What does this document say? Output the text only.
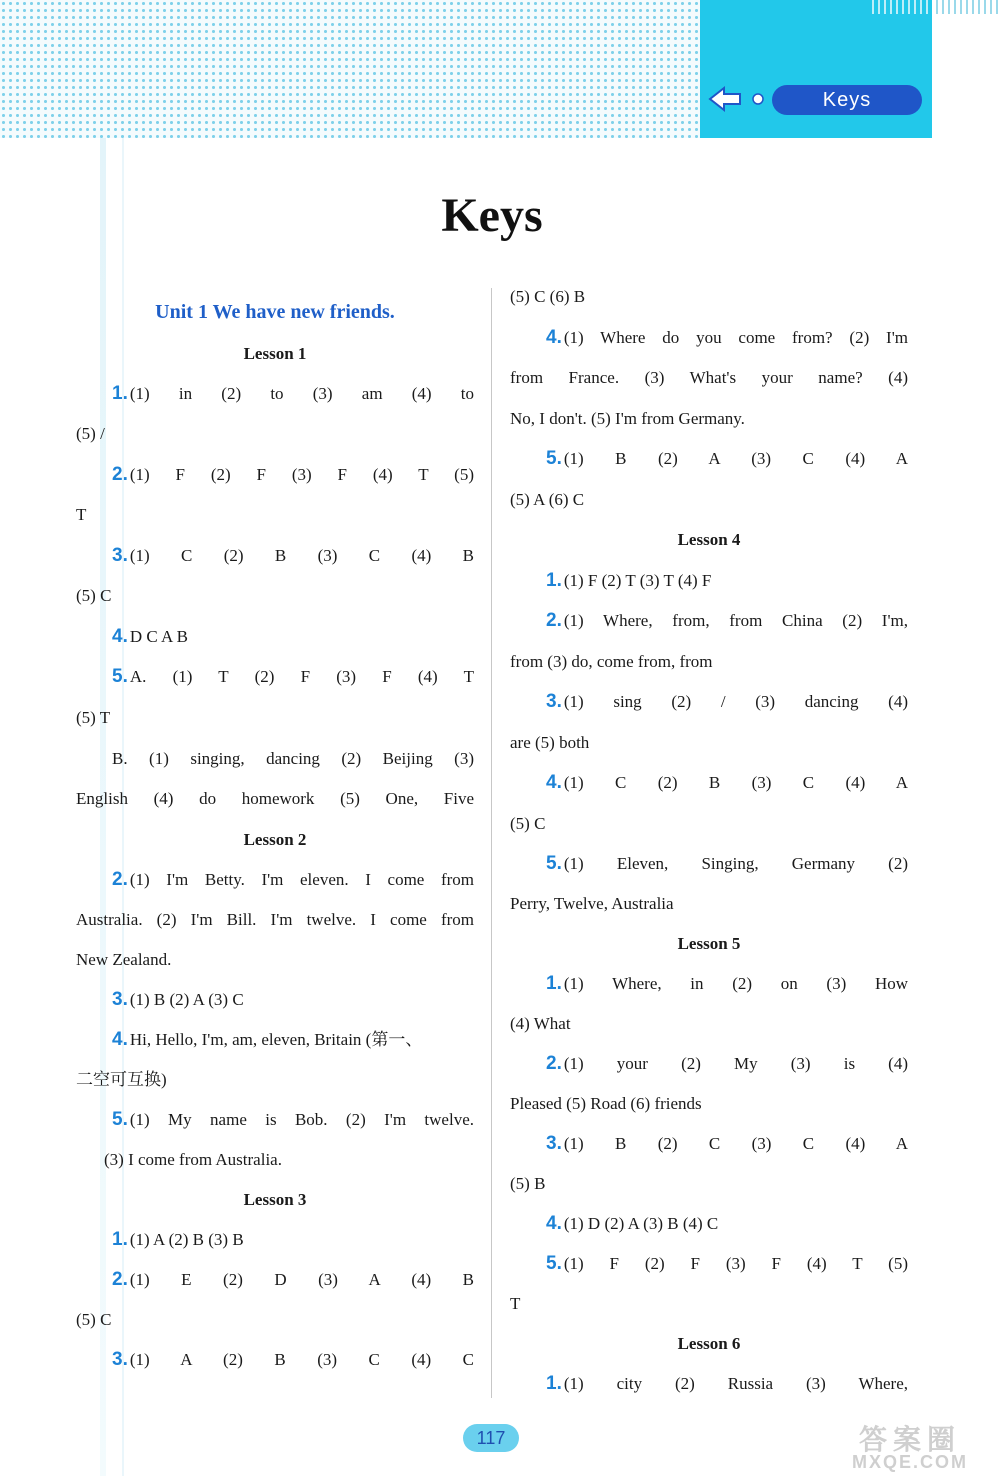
Keys
Keys
Unit 1 We have new friends.
Lesson 1
1. (1) in (2) to (3) am (4) to
(5) /
2. (1) F (2) F (3) F (4) T (5)
T
3. (1) C (2) B (3) C (4) B
(5) C
4. D C A B
5. A. (1) T (2) F (3) F (4) T
(5) T
B. (1) singing, dancing (2) Beijing (3)
English (4) do homework (5) One, Five
Lesson 2
2. (1) I'm Betty. I'm eleven. I come from
Australia. (2) I'm Bill. I'm twelve. I come from
New Zealand.
3. (1) B (2) A (3) C
4. Hi, Hello, I'm, am, eleven, Britain (第一、
二空可互换)
5. (1) My name is Bob. (2) I'm twelve.
(3) I come from Australia.
Lesson 3
1. (1) A (2) B (3) B
2. (1) E (2) D (3) A (4) B
(5) C
3. (1) A (2) B (3) C (4) C
(5) C (6) B
4. (1) Where do you come from? (2) I'm
from France. (3) What's your name? (4)
No, I don't. (5) I'm from Germany.
5. (1) B (2) A (3) C (4) A
(5) A (6) C
Lesson 4
1. (1) F (2) T (3) T (4) F
2. (1) Where, from, from China (2) I'm,
from (3) do, come from, from
3. (1) sing (2) / (3) dancing (4)
are (5) both
4. (1) C (2) B (3) C (4) A
(5) C
5. (1) Eleven, Singing, Germany (2)
Perry, Twelve, Australia
Lesson 5
1. (1) Where, in (2) on (3) How
(4) What
2. (1) your (2) My (3) is (4)
Pleased (5) Road (6) friends
3. (1) B (2) C (3) C (4) A
(5) B
4. (1) D (2) A (3) B (4) C
5. (1) F (2) F (3) F (4) T (5)
T
Lesson 6
1. (1) city (2) Russia (3) Where,
117	答案圈
MXQE.COM
